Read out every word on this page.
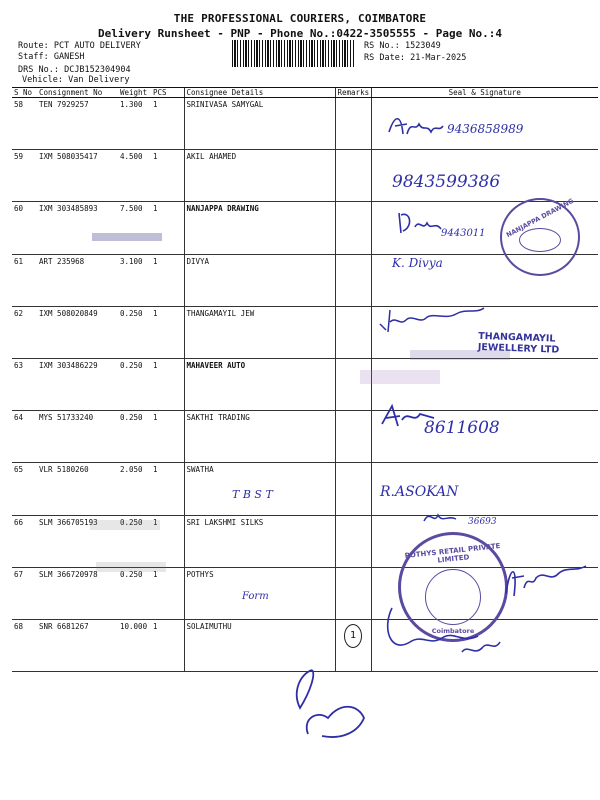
THE PROFESSIONAL COURIERS, COIMBATORE
Delivery Runsheet - PNP - Phone No.:0422-3505555 - Page No.:4
Route: PCT AUTO DELIVERY
Staff: GANESH
DRS No.: DCJB152304904
Vehicle: Van Delivery
RS No.: 1523049
RS Date: 21-Mar-2025
S No	Consignment No	Weight	PCS	Consignee Details	Remarks	Seal & Signature
58	TEN 7929257	1.300	1	SRINIVASA SAMYGAL		
59	IXM 508035417	4.500	1	AKIL AHAMED		
60	IXM 303485893	7.500	1	NANJAPPA DRAWING		
61	ART 235968	3.100	1	DIVYA		
62	IXM 508020849	0.250	1	THANGAMAYIL JEW		
63	IXM 303486229	0.250	1	MAHAVEER AUTO		
64	MYS 51733240	0.250	1	SAKTHI TRADING		
65	VLR 5180260	2.050	1	SWATHA		
66	SLM 366705193	0.250	1	SRI LAKSHMI SILKS		
67	SLM 366720978	0.250	1	POTHYS		
68	SNR 6681267	10.000	1	SOLAIMUTHU	1	
9436858989
9843599386
9443011	NANJAPPA DRAWING
K. Divya
THANGAMAYIL JEWELLERY LTD
8611608
T B S T	R.ASOKAN
36693
POTHYS RETAIL PRIVATE LIMITED
Coimbatore
Form
